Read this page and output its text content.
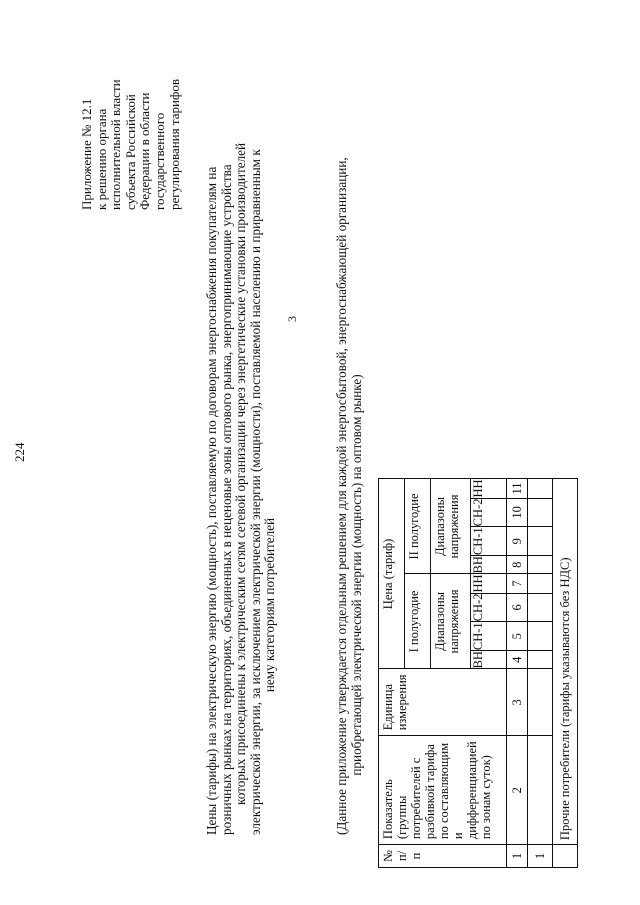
224
Приложение № 12.1 к решению органа исполнительной власти субъекта Российской Федерации в области государственного регулирования тарифов
Цены (тарифы) на электрическую энергию (мощность), поставляемую по договорам энергоснабжения покупателям на розничных рынках на территориях, объединенных в неценовые зоны оптового рынка, энергопринимающие устройства которых присоединены к электрическим сетям сетевой организации через энергетические установки производителей электрической энергии, за исключением электрической энергии (мощности), поставляемой населению и приравненным к нему категориям потребителей
3	(Данное приложение утверждается отдельным решением для каждой энергосбытовой, энергоснабжающей организации, приобретающей электрической энергии (мощность) на оптовом рынке)
№ п/п	Показатель (группы потребителей с разбивкой тарифа по составляющим и дифференциацией по зонам суток)	Единица измерения	Цена (тариф)							
			I полугодие				II полугодие			
			Диапазоны напряжения				Диапазоны напряжения			
			ВН	СН-1	СН-2	НН	ВН	СН-1	СН-2	НН
1	2	3	4	5	6	7	8	9	10	11
1										
	Прочие потребители (тарифы указываются без НДС)									
